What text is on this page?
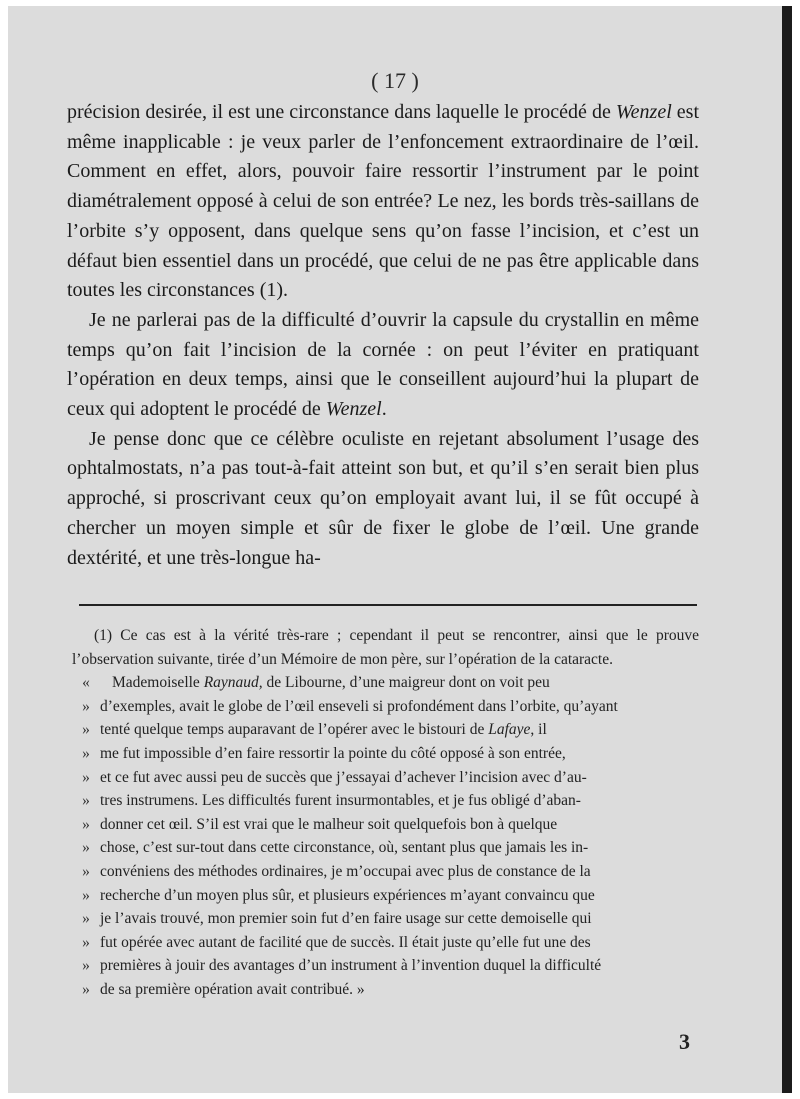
( 17 )

précision desirée, il est une circonstance dans laquelle le procédé de Wenzel est même inapplicable : je veux parler de l’enfoncement extraordinaire de l’œil. Comment en effet, alors, pouvoir faire ressortir l’instrument par le point diamétralement opposé à celui de son entrée? Le nez, les bords très-saillans de l’orbite s’y opposent, dans quelque sens qu’on fasse l’incision, et c’est un défaut bien essentiel dans un procédé, que celui de ne pas être applicable dans toutes les circonstances (1).

Je ne parlerai pas de la difficulté d’ouvrir la capsule du crystallin en même temps qu’on fait l’incision de la cornée : on peut l’éviter en pratiquant l’opération en deux temps, ainsi que le conseillent aujourd’hui la plupart de ceux qui adoptent le procédé de Wenzel.

Je pense donc que ce célèbre oculiste en rejetant absolument l’usage des ophtalmostats, n’a pas tout-à-fait atteint son but, et qu’il s’en serait bien plus approché, si proscrivant ceux qu’on employait avant lui, il se fût occupé à chercher un moyen simple et sûr de fixer le globe de l’œil. Une grande dextérité, et une très-longue ha-

(1) Ce cas est à la vérité très-rare ; cependant il peut se rencontrer, ainsi que le prouve l’observation suivante, tirée d’un Mémoire de mon père, sur l’opération de la cataracte.

«	Mademoiselle Raynaud, de Libourne, d’une maigreur dont on voit peu
» d’exemples, avait le globe de l’œil enseveli si profondément dans l’orbite, qu’ayant
» tenté quelque temps auparavant de l’opérer avec le bistouri de Lafaye, il
» me fut impossible d’en faire ressortir la pointe du côté opposé à son entrée,
» et ce fut avec aussi peu de succès que j’essayai d’achever l’incision avec d’au-
» tres instrumens. Les difficultés furent insurmontables, et je fus obligé d’aban-
» donner cet œil. S’il est vrai que le malheur soit quelquefois bon à quelque
» chose, c’est sur-tout dans cette circonstance, où, sentant plus que jamais les in-
» convéniens des méthodes ordinaires, je m’occupai avec plus de constance de la
» recherche d’un moyen plus sûr, et plusieurs expériences m’ayant convaincu que
» je l’avais trouvé, mon premier soin fut d’en faire usage sur cette demoiselle qui
» fut opérée avec autant de facilité que de succès. Il était juste qu’elle fut une des
» premières à jouir des avantages d’un instrument à l’invention duquel la difficulté
» de sa première opération avait contribué. »
3
